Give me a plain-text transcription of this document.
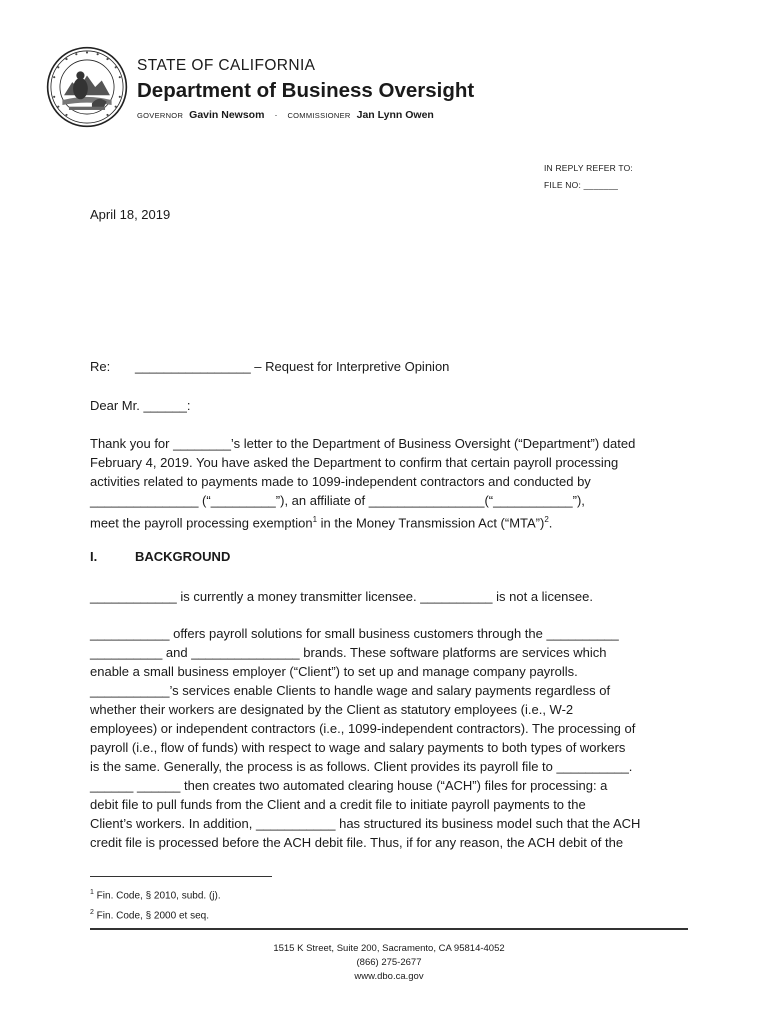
STATE OF CALIFORNIA
Department of Business Oversight
GOVERNOR Gavin Newsom · COMMISSIONER Jan Lynn Owen
IN REPLY REFER TO:
FILE NO: _______
April 18, 2019
Re: ________________ – Request for Interpretive Opinion
Dear Mr. ______:
Thank you for ________’s letter to the Department of Business Oversight (“Department”) dated
February 4, 2019. You have asked the Department to confirm that certain payroll processing
activities related to payments made to 1099-independent contractors and conducted by
_______________ (“_________”), an affiliate of ________________(“___________”),
meet the payroll processing exemption$^1$ in the Money Transmission Act (“MTA”)$^2$.
I.	BACKGROUND
____________ is currently a money transmitter licensee. __________ is not a licensee.
___________ offers payroll solutions for small business customers through the __________
__________ and _______________ brands. These software platforms are services which
enable a small business employer (“Client”) to set up and manage company payrolls.
___________’s services enable Clients to handle wage and salary payments regardless of
whether their workers are designated by the Client as statutory employees (i.e., W-2
employees) or independent contractors (i.e., 1099-independent contractors). The processing of
payroll (i.e., flow of funds) with respect to wage and salary payments to both types of workers
is the same. Generally, the process is as follows. Client provides its payroll file to __________.
______ ______ then creates two automated clearing house (“ACH”) files for processing: a
debit file to pull funds from the Client and a credit file to initiate payroll payments to the
Client’s workers. In addition, ___________ has structured its business model such that the ACH
credit file is processed before the ACH debit file. Thus, if for any reason, the ACH debit of the
$^1$ Fin. Code, § 2010, subd. (j).
$^2$ Fin. Code, § 2000 et seq.
1515 K Street, Suite 200, Sacramento, CA 95814-4052
(866) 275-2677
www.dbo.ca.gov
